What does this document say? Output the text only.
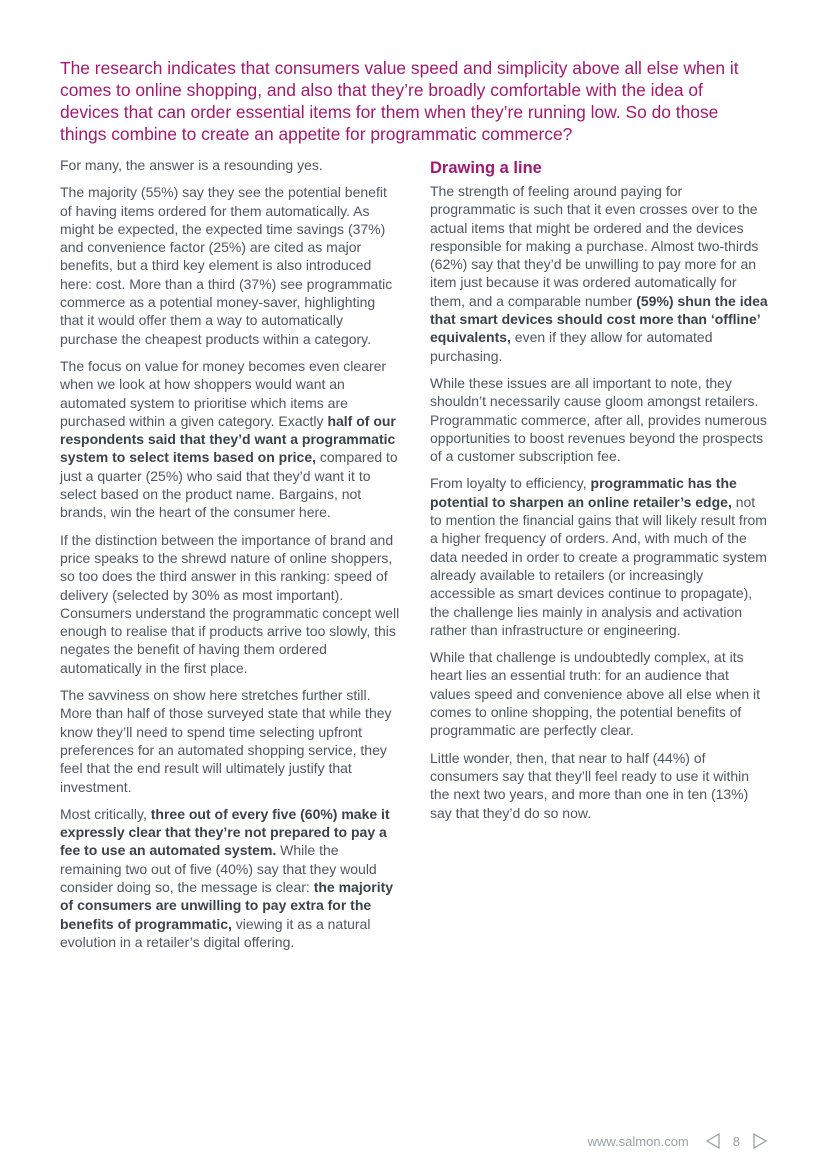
The research indicates that consumers value speed and simplicity above all else when it comes to online shopping, and also that they’re broadly comfortable with the idea of devices that can order essential items for them when they’re running low. So do those things combine to create an appetite for programmatic commerce?

For many, the answer is a resounding yes.

The majority (55%) say they see the potential benefit of having items ordered for them automatically. As might be expected, the expected time savings (37%) and convenience factor (25%) are cited as major benefits, but a third key element is also introduced here: cost. More than a third (37%) see programmatic commerce as a potential money-saver, highlighting that it would offer them a way to automatically purchase the cheapest products within a category.

The focus on value for money becomes even clearer when we look at how shoppers would want an automated system to prioritise which items are purchased within a given category. Exactly half of our respondents said that they’d want a programmatic system to select items based on price, compared to just a quarter (25%) who said that they’d want it to select based on the product name. Bargains, not brands, win the heart of the consumer here.

If the distinction between the importance of brand and price speaks to the shrewd nature of online shoppers, so too does the third answer in this ranking: speed of delivery (selected by 30% as most important). Consumers understand the programmatic concept well enough to realise that if products arrive too slowly, this negates the benefit of having them ordered automatically in the first place.

The savviness on show here stretches further still. More than half of those surveyed state that while they know they’ll need to spend time selecting upfront preferences for an automated shopping service, they feel that the end result will ultimately justify that investment.

Most critically, three out of every five (60%) make it expressly clear that they’re not prepared to pay a fee to use an automated system. While the remaining two out of five (40%) say that they would consider doing so, the message is clear: the majority of consumers are unwilling to pay extra for the benefits of programmatic, viewing it as a natural evolution in a retailer’s digital offering.

Drawing a line

The strength of feeling around paying for programmatic is such that it even crosses over to the actual items that might be ordered and the devices responsible for making a purchase. Almost two-thirds (62%) say that they’d be unwilling to pay more for an item just because it was ordered automatically for them, and a comparable number (59%) shun the idea that smart devices should cost more than ‘offline’ equivalents, even if they allow for automated purchasing.

While these issues are all important to note, they shouldn’t necessarily cause gloom amongst retailers. Programmatic commerce, after all, provides numerous opportunities to boost revenues beyond the prospects of a customer subscription fee.

From loyalty to efficiency, programmatic has the potential to sharpen an online retailer’s edge, not to mention the financial gains that will likely result from a higher frequency of orders. And, with much of the data needed in order to create a programmatic system already available to retailers (or increasingly accessible as smart devices continue to propagate), the challenge lies mainly in analysis and activation rather than infrastructure or engineering.

While that challenge is undoubtedly complex, at its heart lies an essential truth: for an audience that values speed and convenience above all else when it comes to online shopping, the potential benefits of programmatic are perfectly clear.

Little wonder, then, that near to half (44%) of consumers say that they’ll feel ready to use it within the next two years, and more than one in ten (13%) say that they’d do so now.

www.salmon.com	8
